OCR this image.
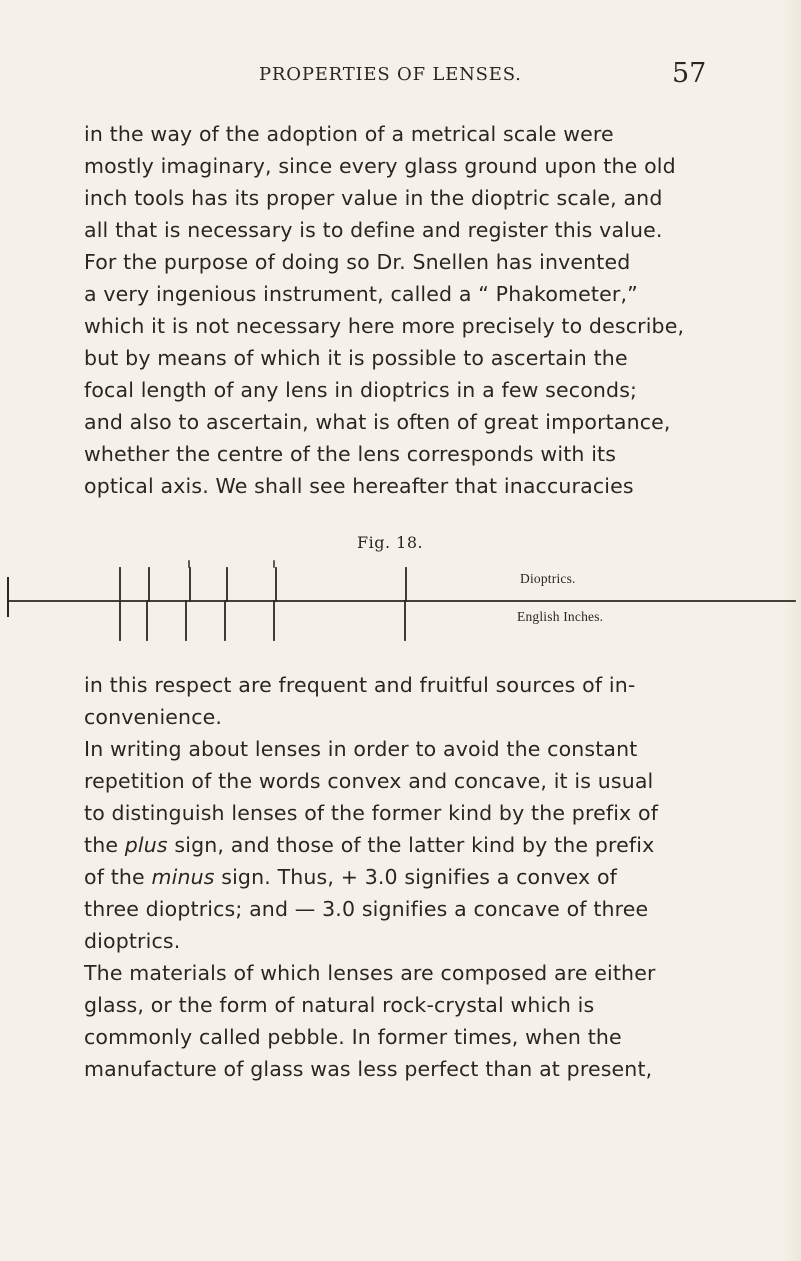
PROPERTIES OF LENSES.	57

in the way of the adoption of a metrical scale were
mostly imaginary, since every glass ground upon the old
inch tools has its proper value in the dioptric scale, and
all that is necessary is to define and register this value.
For the purpose of doing so Dr. Snellen has invented
a very ingenious instrument, called a “ Phakometer,”
which it is not necessary here more precisely to describe,
but by means of which it is possible to ascertain the
focal length of any lens in dioptrics in a few seconds;
and also to ascertain, what is often of great importance,
whether the centre of the lens corresponds with its
optical axis. We shall see hereafter that inaccuracies

Fig. 18.
Dioptrics.
English Inches.

in this respect are frequent and fruitful sources of in-
convenience.

In writing about lenses in order to avoid the constant
repetition of the words convex and concave, it is usual
to distinguish lenses of the former kind by the prefix of
the plus sign, and those of the latter kind by the prefix
of the minus sign. Thus, + 3.0 signifies a convex of
three dioptrics; and — 3.0 signifies a concave of three
dioptrics.

The materials of which lenses are composed are either
glass, or the form of natural rock-crystal which is
commonly called pebble. In former times, when the
manufacture of glass was less perfect than at present,
